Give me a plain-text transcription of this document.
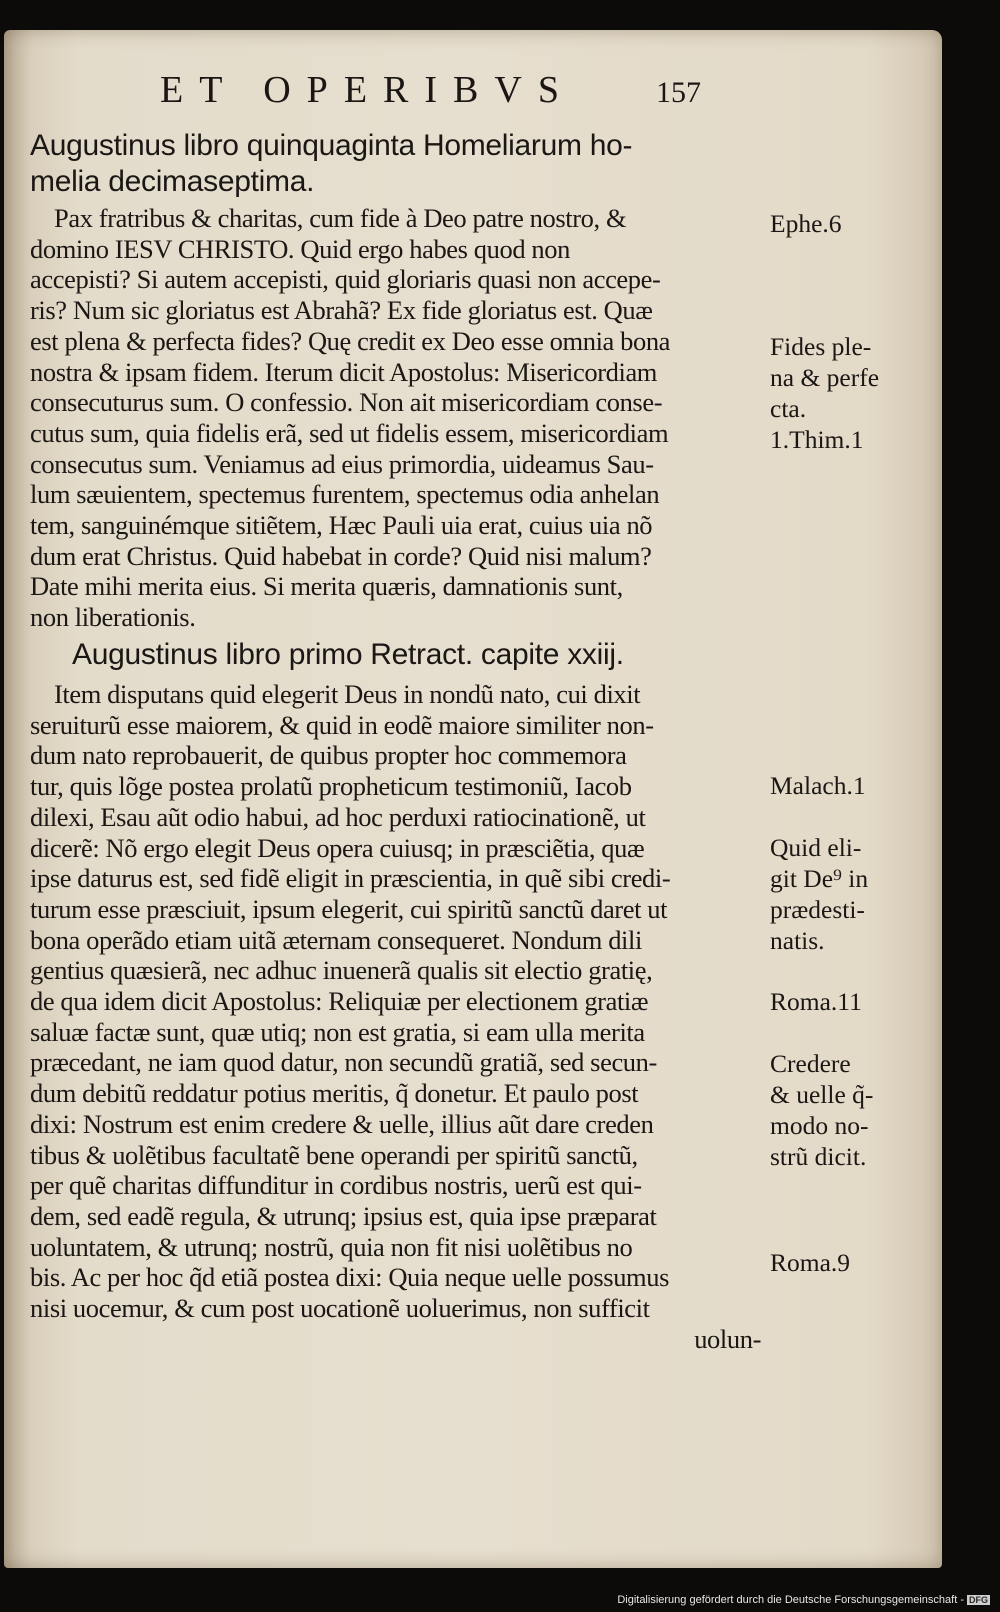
ET OPERIBVS	157
Augustinus libro quinquaginta Homeliarum ho-
melia decimaseptima.
Pax fratribus & charitas, cum fide à Deo patre nostro, &
domino IESV CHRISTO. Quid ergo habes quod non
accepisti? Si autem accepisti, quid gloriaris quasi non accepe-
ris? Num sic gloriatus est Abrahã? Ex fide gloriatus est. Quæ
est plena & perfecta fides? Quę credit ex Deo esse omnia bona
nostra & ipsam fidem. Iterum dicit Apostolus: Misericordiam
consecuturus sum. O confessio. Non ait misericordiam conse-
cutus sum, quia fidelis erã, sed ut fidelis essem, misericordiam
consecutus sum. Veniamus ad eius primordia, uideamus Sau-
lum sæuientem, spectemus furentem, spectemus odia anhelan
tem, sanguinémque sitiẽtem, Hæc Pauli uia erat, cuius uia nõ
dum erat Christus. Quid habebat in corde? Quid nisi malum?
Date mihi merita eius. Si merita quæris, damnationis sunt,
non liberationis.
Augustinus libro primo Retract. capite xxiij.
Item disputans quid elegerit Deus in nondũ nato, cui dixit
seruiturũ esse maiorem, & quid in eodẽ maiore similiter non-
dum nato reprobauerit, de quibus propter hoc commemora
tur, quis lõge postea prolatũ propheticum testimoniũ, Iacob
dilexi, Esau aũt odio habui, ad hoc perduxi ratiocinationẽ, ut
dicerẽ: Nõ ergo elegit Deus opera cuiusq; in præsciẽtia, quæ
ipse daturus est, sed fidẽ eligit in præscientia, in quẽ sibi credi-
turum esse præsciuit, ipsum elegerit, cui spiritũ sanctũ daret ut
bona operãdo etiam uitã æternam consequeret. Nondum dili
gentius quæsierã, nec adhuc inuenerã qualis sit electio gratię,
de qua idem dicit Apostolus: Reliquiæ per electionem gratiæ
saluæ factæ sunt, quæ utiq; non est gratia, si eam ulla merita
præcedant, ne iam quod datur, non secundũ gratiã, sed secun-
dum debitũ reddatur potius meritis, q̃ donetur. Et paulo post
dixi: Nostrum est enim credere & uelle, illius aũt dare creden
tibus & uolẽtibus facultatẽ bene operandi per spiritũ sanctũ,
per quẽ charitas diffunditur in cordibus nostris, uerũ est qui-
dem, sed eadẽ regula, & utrunq; ipsius est, quia ipse præparat
uoluntatem, & utrunq; nostrũ, quia non fit nisi uolẽtibus no
bis. Ac per hoc q̃d etiã postea dixi: Quia neque uelle possumus
nisi uocemur, & cum post uocationẽ uoluerimus, non sufficit
uolun-
Ephe.6
Fides ple-
na & perfe
cta.
1.Thim.1
Malach.1
Quid eli-
git De⁹ in
prædesti-
natis.
Roma.11
Credere
& uelle q̃-
modo no-
strũ dicit.
Roma.9
Digitalisierung gefördert durch die Deutsche Forschungsgemeinschaft - DFG
